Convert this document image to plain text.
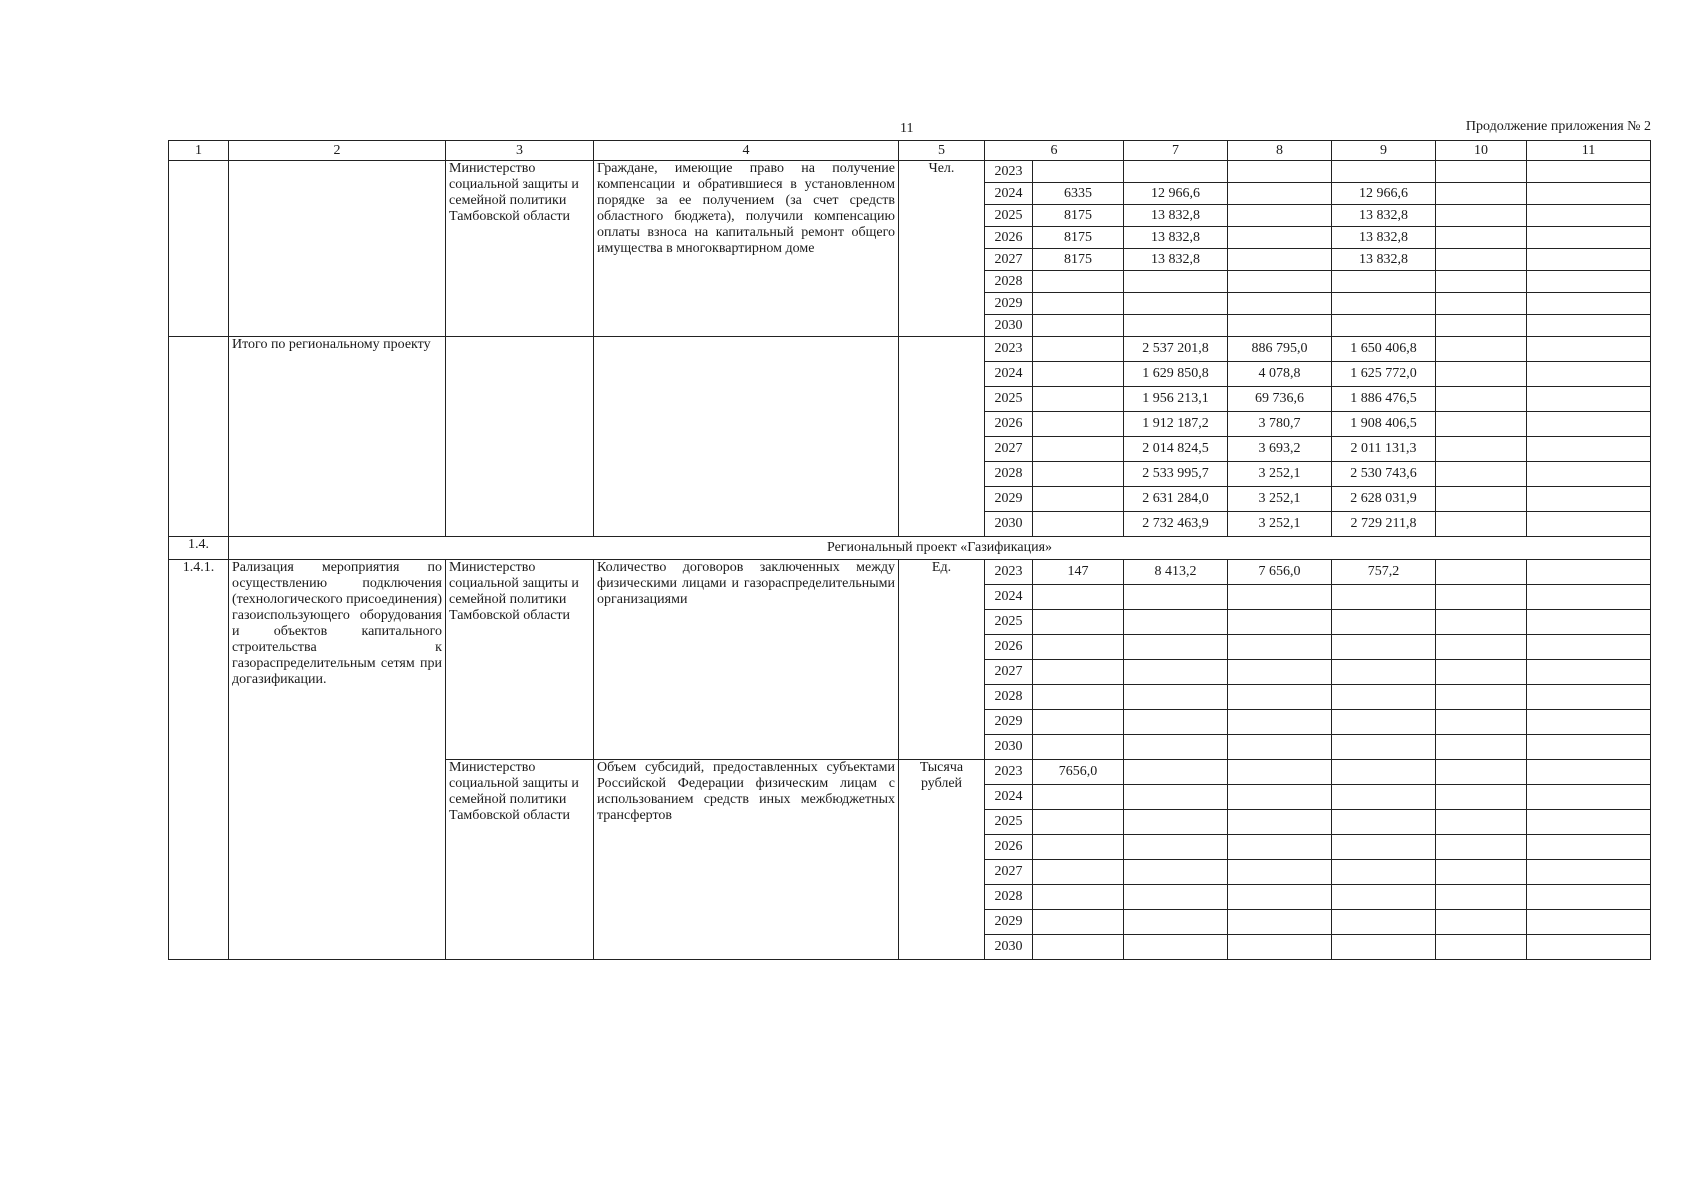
11	Продолжение приложения № 2
1	2	3	4	5	6		7	8	9	10	11
		Министерство социальной защиты и семейной политики Тамбовской области	Граждане, имеющие право на получение компенсации и обратившиеся в установленном порядке за ее получением (за счет средств областного бюджета), получили компенсацию оплаты взноса на капитальный ремонт общего имущества в многоквартирном доме	Чел.	2023						
					2024	6335	12 966,6		12 966,6		
					2025	8175	13 832,8		13 832,8		
					2026	8175	13 832,8		13 832,8		
					2027	8175	13 832,8		13 832,8		
					2028						
					2029						
					2030						
	Итого по региональному проекту				2023		2 537 201,8	886 795,0	1 650 406,8		
					2024		1 629 850,8	4 078,8	1 625 772,0		
					2025		1 956 213,1	69 736,6	1 886 476,5		
					2026		1 912 187,2	3 780,7	1 908 406,5		
					2027		2 014 824,5	3 693,2	2 011 131,3		
					2028		2 533 995,7	3 252,1	2 530 743,6		
					2029		2 631 284,0	3 252,1	2 628 031,9		
					2030		2 732 463,9	3 252,1	2 729 211,8		
1.4.	Региональный проект «Газификация»										
1.4.1.	Рализация мероприятия по осуществлению подключения (технологического присоединения) газоиспользующего оборудования и объектов капитального строительства к газораспределительным сетям при догазификации.	Министерство социальной защиты и семейной политики Тамбовской области	Количество договоров заключенных между физическими лицами и газораспределительными организациями	Ед.	2023	147	8 413,2	7 656,0	757,2		
					2024						
					2025						
					2026						
					2027						
					2028						
					2029						
					2030						
		Министерство социальной защиты и семейной политики Тамбовской области	Объем субсидий, предоставленных субъектами Российской Федерации физическим лицам с использованием средств иных межбюджетных трансфертов	Тысяча рублей	2023	7656,0					
					2024						
					2025						
					2026						
					2027						
					2028						
					2029						
					2030						
